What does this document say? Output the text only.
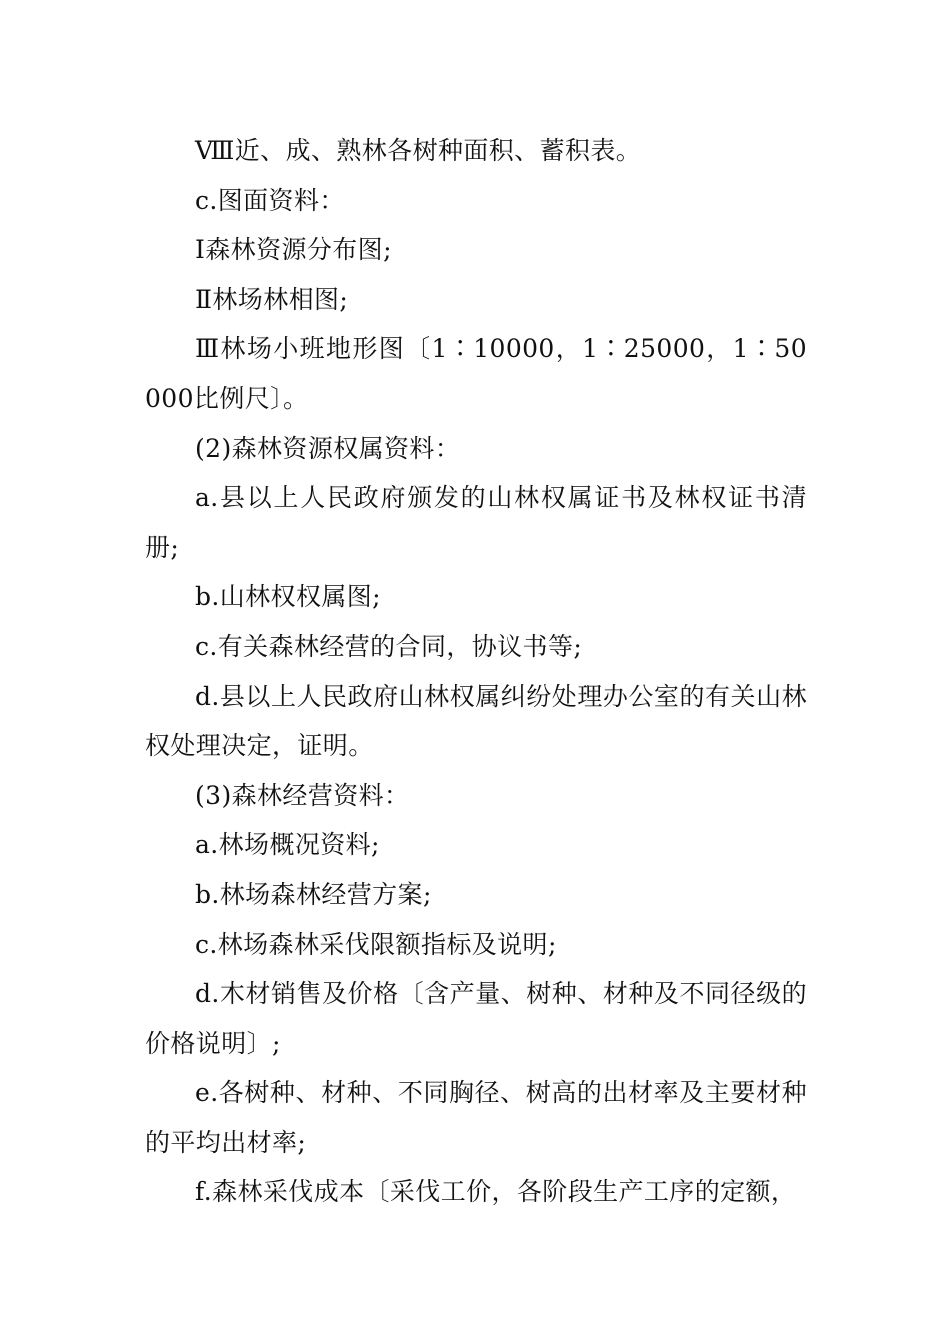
Ⅷ近、成、熟林各树种面积、蓄积表。

c.图面资料：

Ⅰ森林资源分布图;

Ⅱ林场林相图;

Ⅲ林场小班地形图〔1∶10000，1∶25000，1∶50000比例尺〕。

(2)森林资源权属资料：

a.县以上人民政府颁发的山林权属证书及林权证书清册;

b.山林权权属图;

c.有关森林经营的合同，协议书等;

d.县以上人民政府山林权属纠纷处理办公室的有关山林权处理决定，证明。

(3)森林经营资料：

a.林场概况资料;

b.林场森林经营方案;

c.林场森林采伐限额指标及说明;

d.木材销售及价格〔含产量、树种、材种及不同径级的价格说明〕;

e.各树种、材种、不同胸径、树高的出材率及主要材种的平均出材率;

f.森林采伐成本〔采伐工价，各阶段生产工序的定额，
